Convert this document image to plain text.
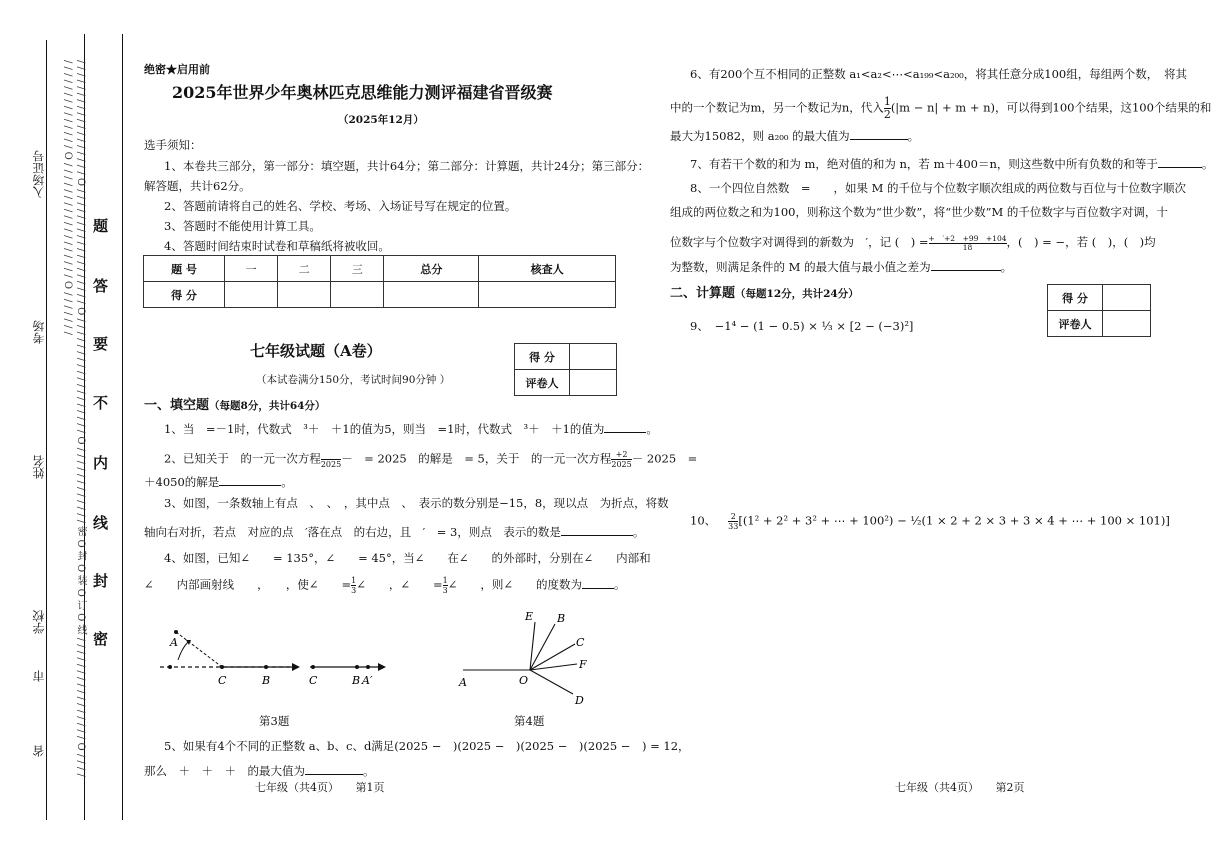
/ / / / / / / / / / / / / / / / / / O / / / / / / / / / / / / / / / / / / O / / / / / / / / / / / / / / / / / / O / / / / / / / / / / / / 密 O 封 O 装 O 订 O 线 / / / / / / / / / / / / / / / / O / / / / / / / / / / / / / / / / / / O / / / / / / / / / / / / / / / / / / O / / / / / / /
入场证号
考场
姓名
学校
市
省
题
答
要
不
内
线
封
密
绝密★启用前
2025年世界少年奥林匹克思维能力测评福建省晋级赛
（2025年12月）
选手须知：
1、本卷共三部分，第一部分：填空题，共计64分；第二部分：计算题，共计24分；第三部分：
解答题，共计62分。
2、答题前请将自己的姓名、学校、考场、入场证号写在规定的位置。
3、答题时不能使用计算工具。
4、答题时间结束时试卷和草稿纸将被收回。
题 号	一	二	三	总分	核查人
得 分					
七年级试题（A卷）
（本试卷满分150分，考试时间90分钟 ）
得 分	
评卷人	
一、填空题（每题8分，共计64分）
1、当　=－1时，代数式　³＋　＋1的值为5，则当　=1时，代数式　³＋　＋1的值为	。
2、已知关于　的一元一次方程
2025 －　= 2025　的解是　= 5，关于　的一元一次方程 $\frac{+2}{2025} - 2025$　=
＋4050的解是	。
3、如图，一条数轴上有点　、　、　，其中点　、　表示的数分别是−15，8，现以点　为折点，将数
轴向右对折，若点　对应的点　′落在点　的右边，且　′　= 3，则点　表示的数是	。
4、如图，已知∠　　= 135°，∠　　= 45°，当∠　　在∠　　的外部时，分别在∠　　内部和
∠　　内部画射线　　，　　，使∠　　= $\frac{1}{3}$ ∠　　，∠　　= $\frac{1}{3}$ ∠　　，则∠　　的度数为	。
A
C	B	C	B A′
E B
C
F
A	O
D
第3题	第4题
5、如果有4个不同的正整数 a、b、c、d满足(2025 −　)(2025 −　)(2025 −　)(2025 −　) = 12，
那么　＋　＋　＋　的最大值为	。
七年级（共4页）　　第1页
6、有200个互不相同的正整数 a₁<a₂<⋯<a₁₉₉<a₂₀₀，将其任意分成100组，每组两个数，　将其
中的一个数记为m，另一个数记为n，代入 $\frac{1}{2} (|m - n| + m + n)$，可以得到100个结果，这100个结果的和
最大为15082，则 a₂₀₀ 的最大值为	。
7、有若干个数的和为 m，绝对值的和为 n，若 m＋400＝n，则这些数中所有负数的和等于	。
8、一个四位自然数　=　　，如果 M 的千位与个位数字顺次组成的两位数与百位与十位数字顺次
组成的两位数之和为100，则称这个数为“世少数”，将“世少数”M 的千位数字与百位数字对调，十
位数字与个位数字对调得到的新数为　′，记 (　) = $\frac{+ '+2 +99 +104}{18}$ ，(　) = −，若 (　)，(　)均
为整数，则满足条件的 M 的最大值与最小值之差为	。
二、计算题（每题12分，共计24分）	得 分	
评卷人	
9、　−1⁴ − (1 − 0.5) × ⅓ × [2 − (−3)²]
10、 $\frac{2}{33} [(1^2 + 2^2 + 3^2$ + ⋯ + 100²) − ½(1 × 2 + 2 × 3 + 3 × 4 + ⋯ + 100 × 101)]
七年级（共4页）　　第2页
